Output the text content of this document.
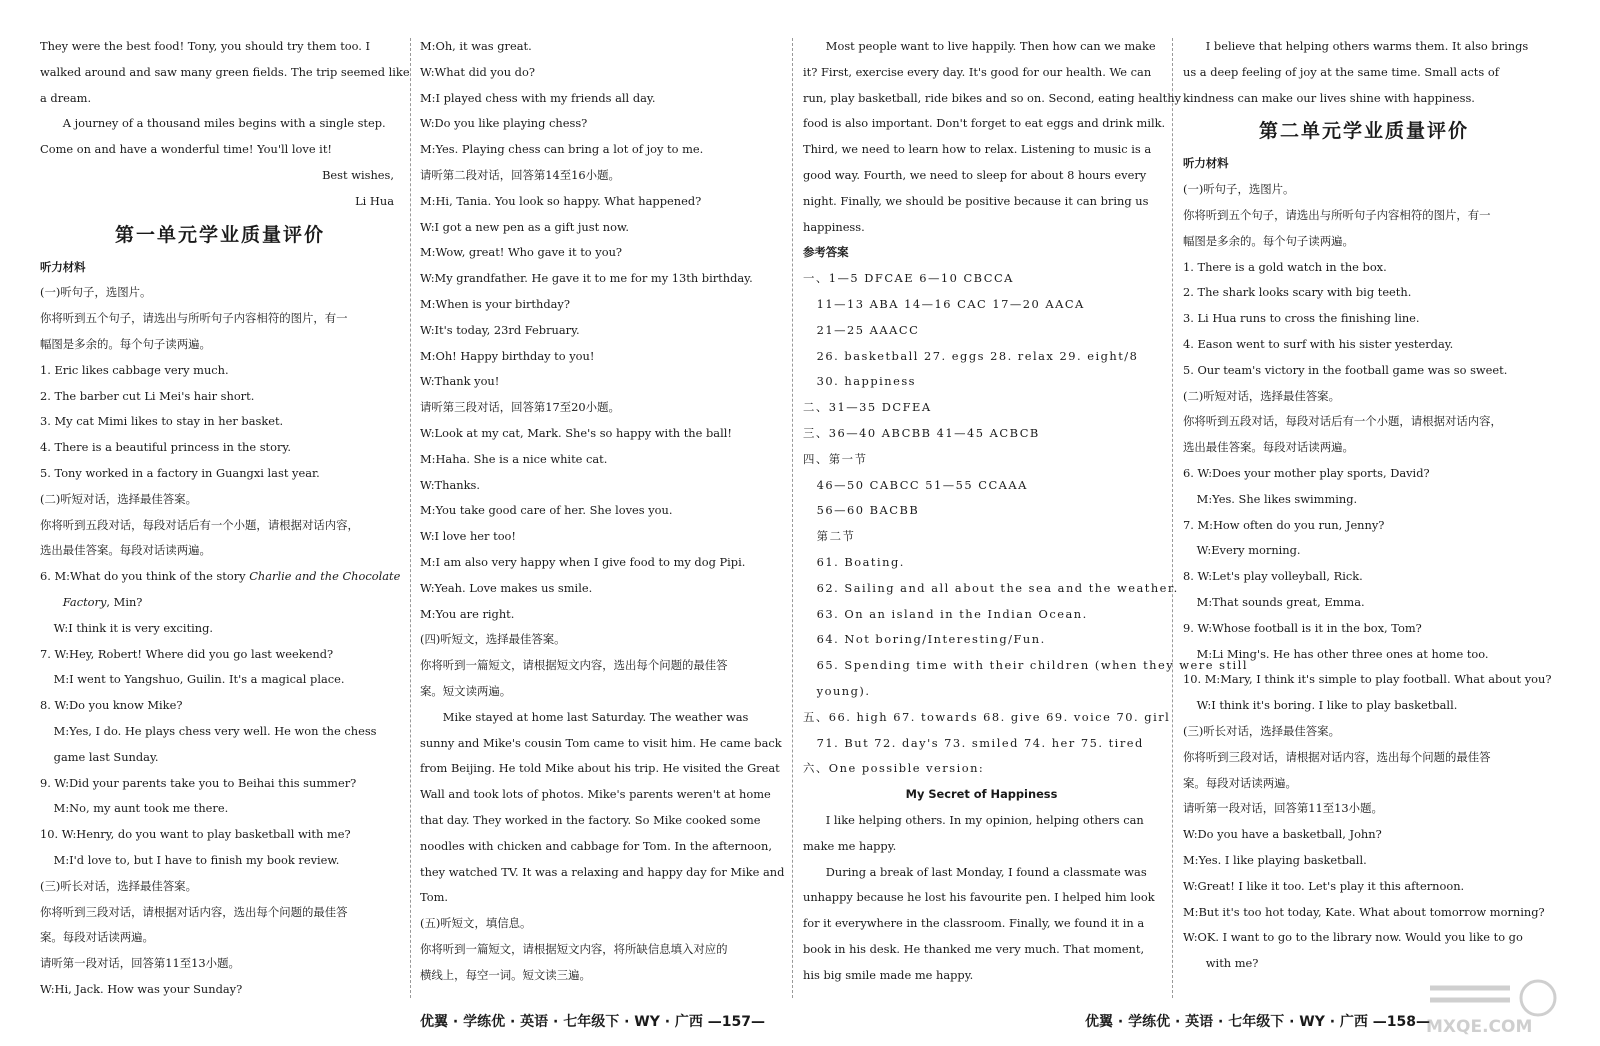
They were the best food! Tony, you should try them too. I
walked around and saw many green fields. The trip seemed like
a dream.
A journey of a thousand miles begins with a single step.
Come on and have a wonderful time! You'll love it!
Best wishes,
Li Hua
第一单元学业质量评价
听力材料
(一)听句子，选图片。
你将听到五个句子，请选出与所听句子内容相符的图片，有一
幅图是多余的。每个句子读两遍。
1. Eric likes cabbage very much.
2. The barber cut Li Mei's hair short.
3. My cat Mimi likes to stay in her basket.
4. There is a beautiful princess in the story.
5. Tony worked in a factory in Guangxi last year.
(二)听短对话，选择最佳答案。
你将听到五段对话，每段对话后有一个小题，请根据对话内容，
选出最佳答案。每段对话读两遍。
6. M:What do you think of the story Charlie and the Chocolate
Factory, Min?
W:I think it is very exciting.
7. W:Hey, Robert! Where did you go last weekend?
M:I went to Yangshuo, Guilin. It's a magical place.
8. W:Do you know Mike?
M:Yes, I do. He plays chess very well. He won the chess
game last Sunday.
9. W:Did your parents take you to Beihai this summer?
M:No, my aunt took me there.
10. W:Henry, do you want to play basketball with me?
M:I'd love to, but I have to finish my book review.
(三)听长对话，选择最佳答案。
你将听到三段对话，请根据对话内容，选出每个问题的最佳答
案。每段对话读两遍。
请听第一段对话，回答第11至13小题。
W:Hi, Jack. How was your Sunday?
M:Oh, it was great.
W:What did you do?
M:I played chess with my friends all day.
W:Do you like playing chess?
M:Yes. Playing chess can bring a lot of joy to me.
请听第二段对话，回答第14至16小题。
M:Hi, Tania. You look so happy. What happened?
W:I got a new pen as a gift just now.
M:Wow, great! Who gave it to you?
W:My grandfather. He gave it to me for my 13th birthday.
M:When is your birthday?
W:It's today, 23rd February.
M:Oh! Happy birthday to you!
W:Thank you!
请听第三段对话，回答第17至20小题。
W:Look at my cat, Mark. She's so happy with the ball!
M:Haha. She is a nice white cat.
W:Thanks.
M:You take good care of her. She loves you.
W:I love her too!
M:I am also very happy when I give food to my dog Pipi.
W:Yeah. Love makes us smile.
M:You are right.
(四)听短文，选择最佳答案。
你将听到一篇短文，请根据短文内容，选出每个问题的最佳答
案。短文读两遍。
Mike stayed at home last Saturday. The weather was
sunny and Mike's cousin Tom came to visit him. He came back
from Beijing. He told Mike about his trip. He visited the Great
Wall and took lots of photos. Mike's parents weren't at home
that day. They worked in the factory. So Mike cooked some
noodles with chicken and cabbage for Tom. In the afternoon,
they watched TV. It was a relaxing and happy day for Mike and
Tom.
(五)听短文，填信息。
你将听到一篇短文，请根据短文内容，将所缺信息填入对应的
横线上，每空一词。短文读三遍。
Most people want to live happily. Then how can we make
it? First, exercise every day. It's good for our health. We can
run, play basketball, ride bikes and so on. Second, eating healthy
food is also important. Don't forget to eat eggs and drink milk.
Third, we need to learn how to relax. Listening to music is a
good way. Fourth, we need to sleep for about 8 hours every
night. Finally, we should be positive because it can bring us
happiness.
参考答案
一、1—5 DFCAE 6—10 CBCCA
11—13 ABA 14—16 CAC 17—20 AACA
21—25 AAACC
26. basketball 27. eggs 28. relax 29. eight/8
30. happiness
二、31—35 DCFEA
三、36—40 ABCBB 41—45 ACBCB
四、第一节
46—50 CABCC 51—55 CCAAA
56—60 BACBB
第二节
61. Boating.
62. Sailing and all about the sea and the weather.
63. On an island in the Indian Ocean.
64. Not boring/Interesting/Fun.
65. Spending time with their children (when they were still
young).
五、66. high 67. towards 68. give 69. voice 70. girl
71. But 72. day's 73. smiled 74. her 75. tired
六、One possible version:
My Secret of Happiness
I like helping others. In my opinion, helping others can
make me happy.
During a break of last Monday, I found a classmate was
unhappy because he lost his favourite pen. I helped him look
for it everywhere in the classroom. Finally, we found it in a
book in his desk. He thanked me very much. That moment,
his big smile made me happy.
I believe that helping others warms them. It also brings
us a deep feeling of joy at the same time. Small acts of
kindness can make our lives shine with happiness.
第二单元学业质量评价
听力材料
(一)听句子，选图片。
你将听到五个句子，请选出与所听句子内容相符的图片，有一
幅图是多余的。每个句子读两遍。
1. There is a gold watch in the box.
2. The shark looks scary with big teeth.
3. Li Hua runs to cross the finishing line.
4. Eason went to surf with his sister yesterday.
5. Our team's victory in the football game was so sweet.
(二)听短对话，选择最佳答案。
你将听到五段对话，每段对话后有一个小题，请根据对话内容，
选出最佳答案。每段对话读两遍。
6. W:Does your mother play sports, David?
M:Yes. She likes swimming.
7. M:How often do you run, Jenny?
W:Every morning.
8. W:Let's play volleyball, Rick.
M:That sounds great, Emma.
9. W:Whose football is it in the box, Tom?
M:Li Ming's. He has other three ones at home too.
10. M:Mary, I think it's simple to play football. What about you?
W:I think it's boring. I like to play basketball.
(三)听长对话，选择最佳答案。
你将听到三段对话，请根据对话内容，选出每个问题的最佳答
案。每段对话读两遍。
请听第一段对话，回答第11至13小题。
W:Do you have a basketball, John?
M:Yes. I like playing basketball.
W:Great! I like it too. Let's play it this afternoon.
M:But it's too hot today, Kate. What about tomorrow morning?
W:OK. I want to go to the library now. Would you like to go
with me?
优翼 · 学练优 · 英语 · 七年级下 · WY · 广西 —157—	优翼 · 学练优 · 英语 · 七年级下 · WY · 广西 —158—
MXQE.COM
